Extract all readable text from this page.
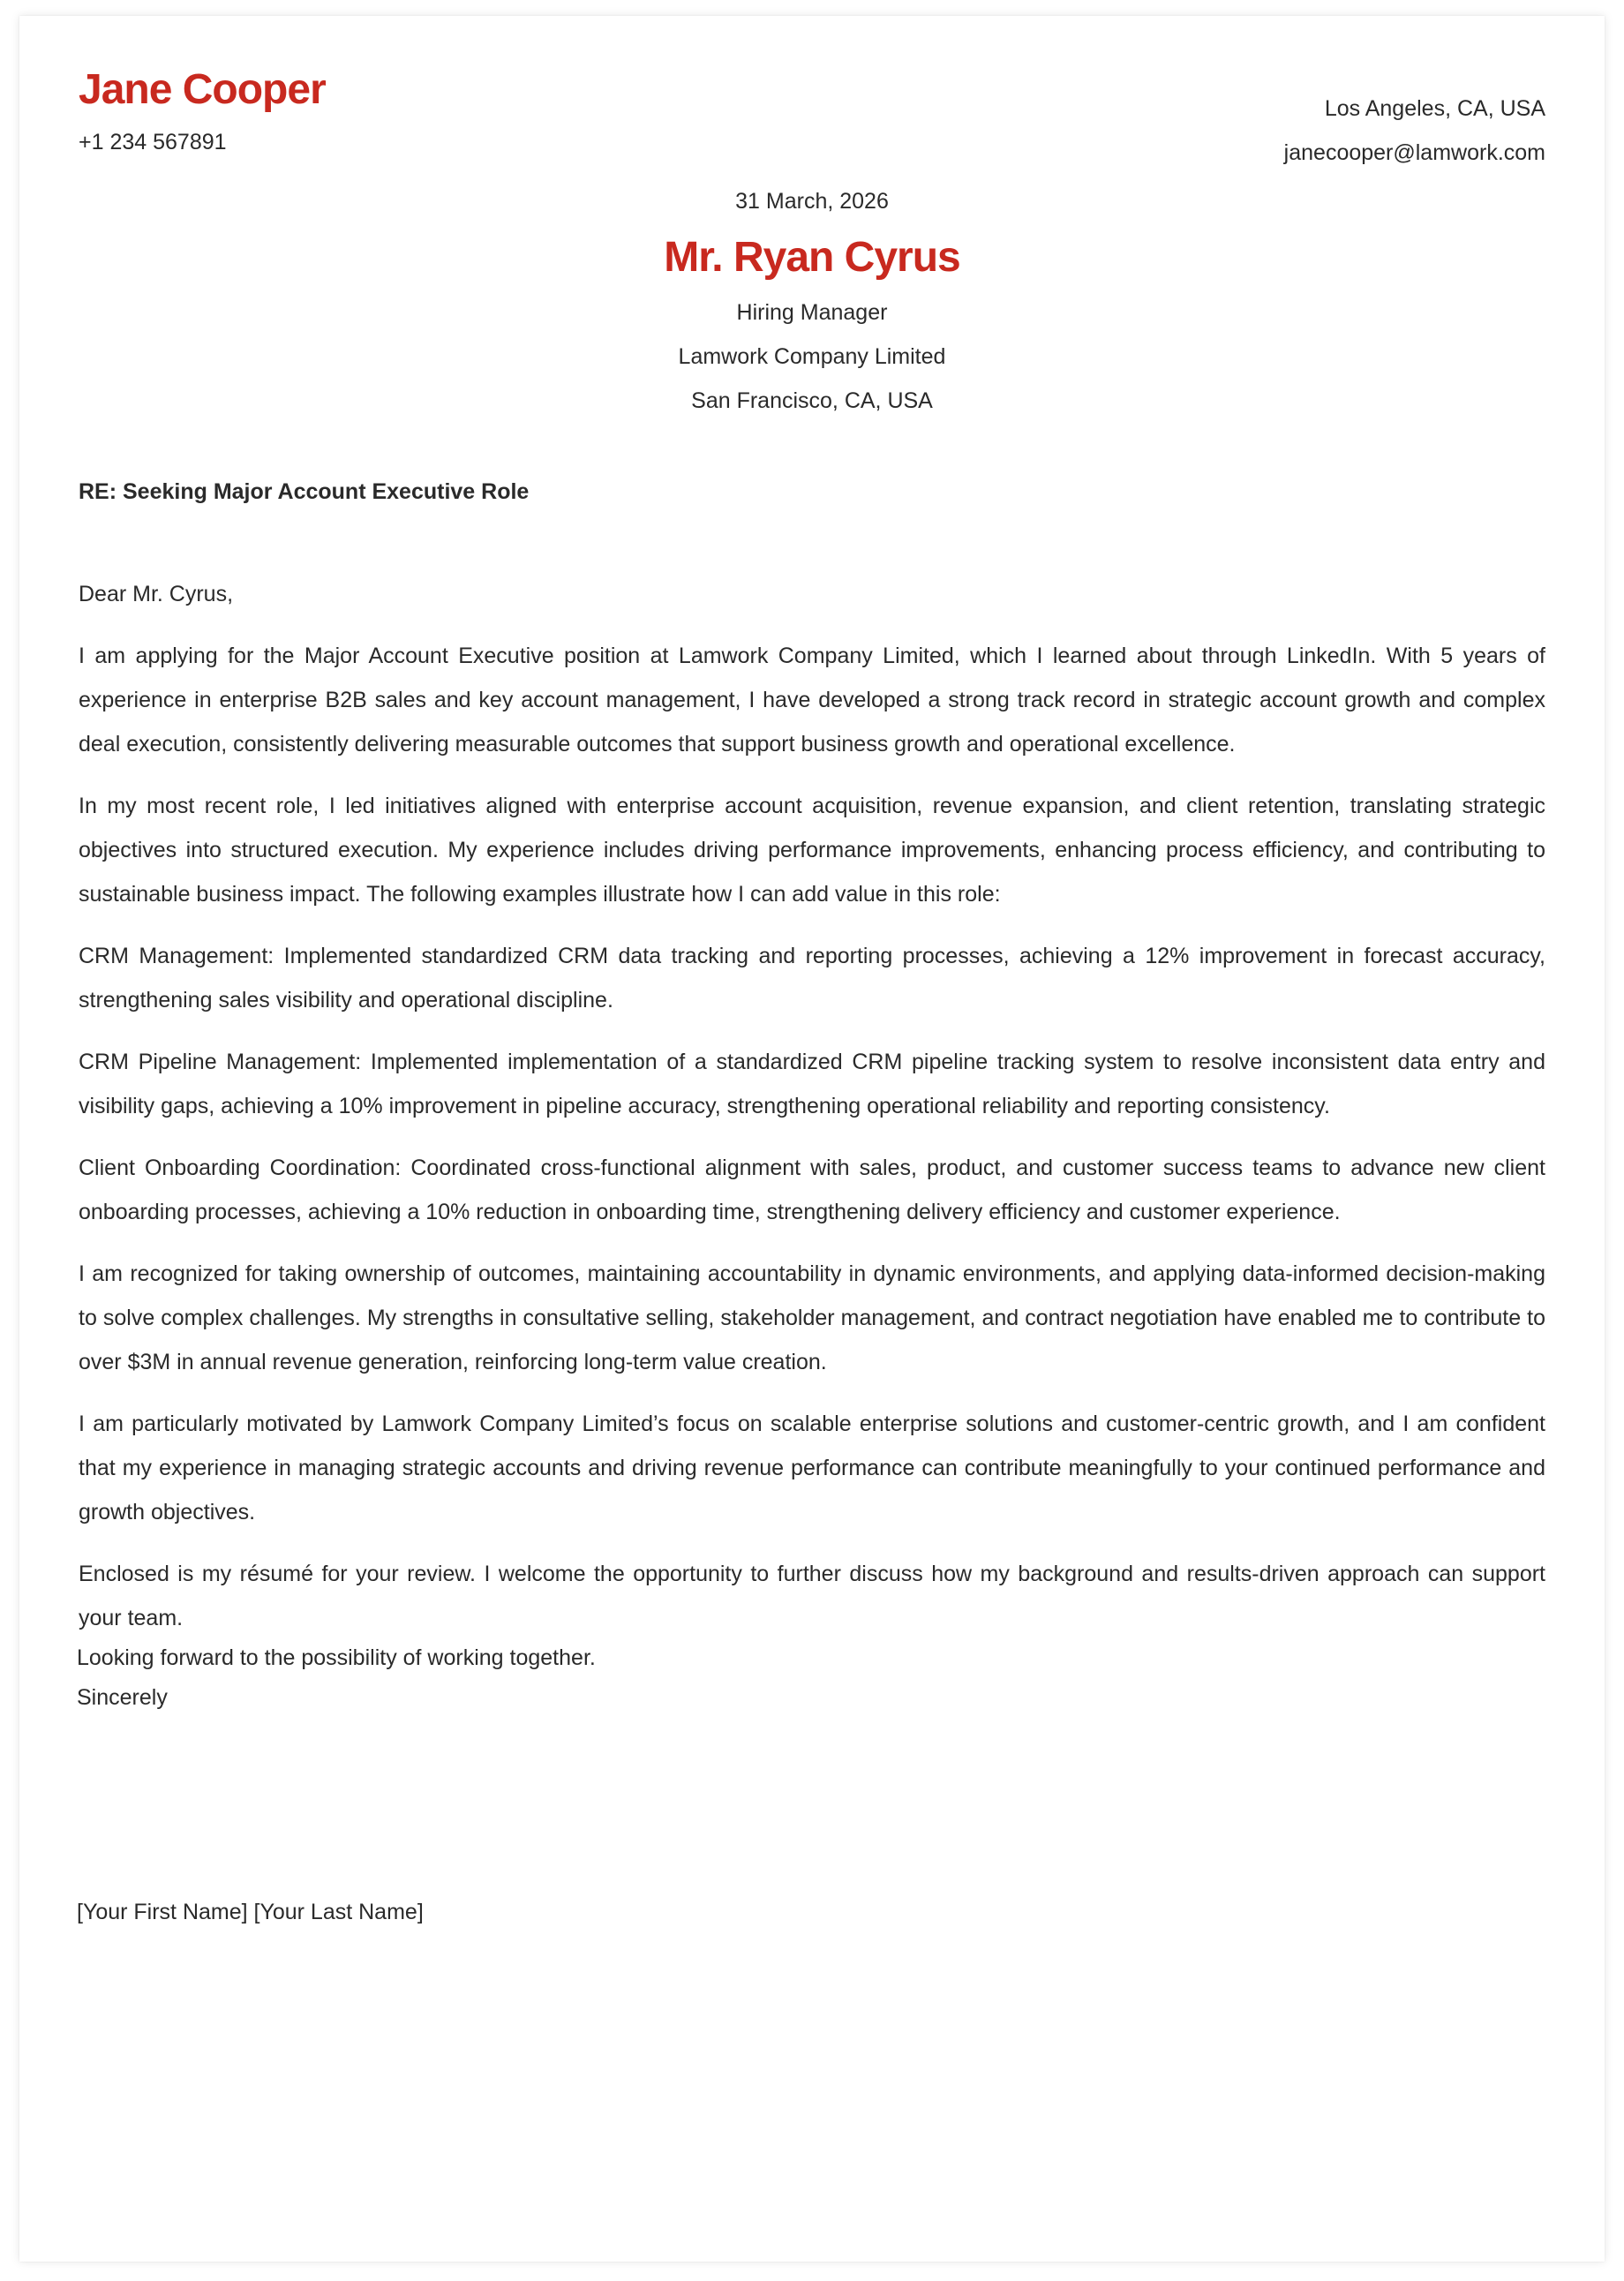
Jane Cooper
+1 234 567891
Los Angeles, CA, USA
janecooper@lamwork.com
31 March, 2026
Mr. Ryan Cyrus
Hiring Manager
Lamwork Company Limited
San Francisco, CA, USA
RE: Seeking Major Account Executive Role

Dear Mr. Cyrus,

I am applying for the Major Account Executive position at Lamwork Company Limited, which I learned about through LinkedIn. With 5 years of experience in enterprise B2B sales and key account management, I have developed a strong track record in strategic account growth and complex deal execution, consistently delivering measurable outcomes that support business growth and operational excellence.

In my most recent role, I led initiatives aligned with enterprise account acquisition, revenue expansion, and client retention, translating strategic objectives into structured execution. My experience includes driving performance improvements, enhancing process efficiency, and contributing to sustainable business impact. The following examples illustrate how I can add value in this role:

CRM Management: Implemented standardized CRM data tracking and reporting processes, achieving a 12% improvement in forecast accuracy, strengthening sales visibility and operational discipline.

CRM Pipeline Management: Implemented implementation of a standardized CRM pipeline tracking system to resolve inconsistent data entry and visibility gaps, achieving a 10% improvement in pipeline accuracy, strengthening operational reliability and reporting consistency.

Client Onboarding Coordination: Coordinated cross-functional alignment with sales, product, and customer success teams to advance new client onboarding processes, achieving a 10% reduction in onboarding time, strengthening delivery efficiency and customer experience.

I am recognized for taking ownership of outcomes, maintaining accountability in dynamic environments, and applying data-informed decision-making to solve complex challenges. My strengths in consultative selling, stakeholder management, and contract negotiation have enabled me to contribute to over $3M in annual revenue generation, reinforcing long-term value creation.

I am particularly motivated by Lamwork Company Limited’s focus on scalable enterprise solutions and customer-centric growth, and I am confident that my experience in managing strategic accounts and driving revenue performance can contribute meaningfully to your continued performance and growth objectives.

Enclosed is my résumé for your review. I welcome the opportunity to further discuss how my background and results-driven approach can support your team.

Looking forward to the possibility of working together.
Sincerely
[Your First Name] [Your Last Name]
